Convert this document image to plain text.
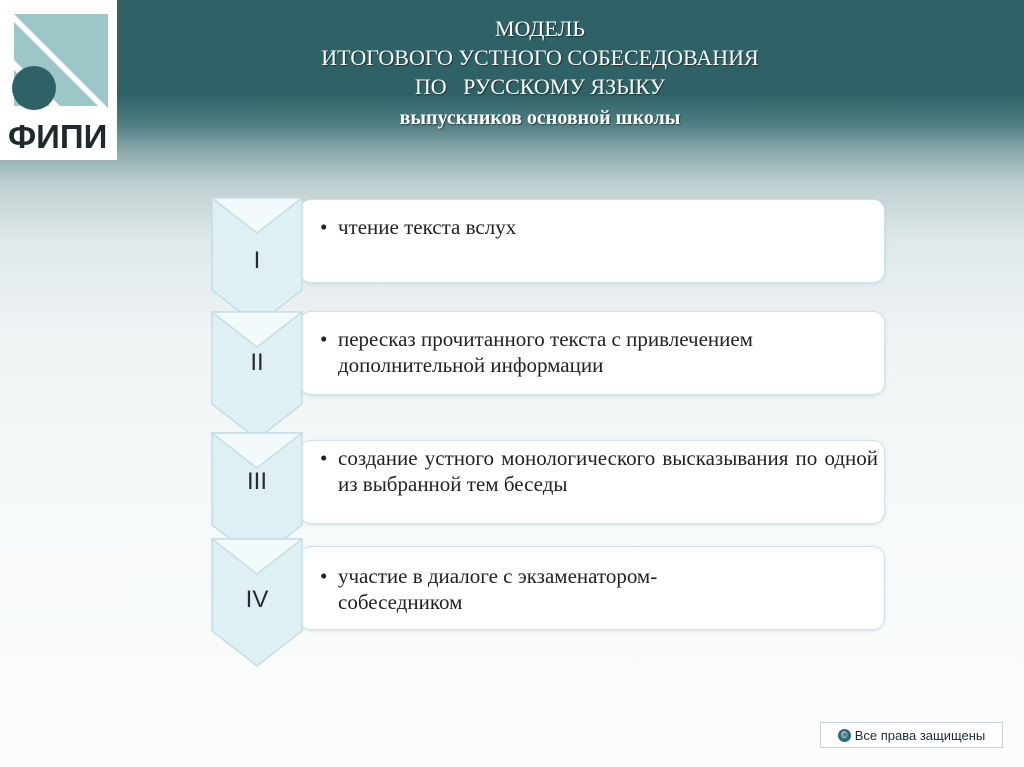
ФИПИ
МОДЕЛЬ
ИТОГОВОГО УСТНОГО СОБЕСЕДОВАНИЯ
ПО   РУССКОМУ ЯЗЫКУ
выпускников основной школы
• чтение текста вслух
I
• пересказ прочитанного текста с привлечением дополнительной информации
II
• создание устного монологического высказывания по одной из выбранной тем беседы
III
• участие в диалоге с экзаменатором-собеседником
IV
© Все права защищены
